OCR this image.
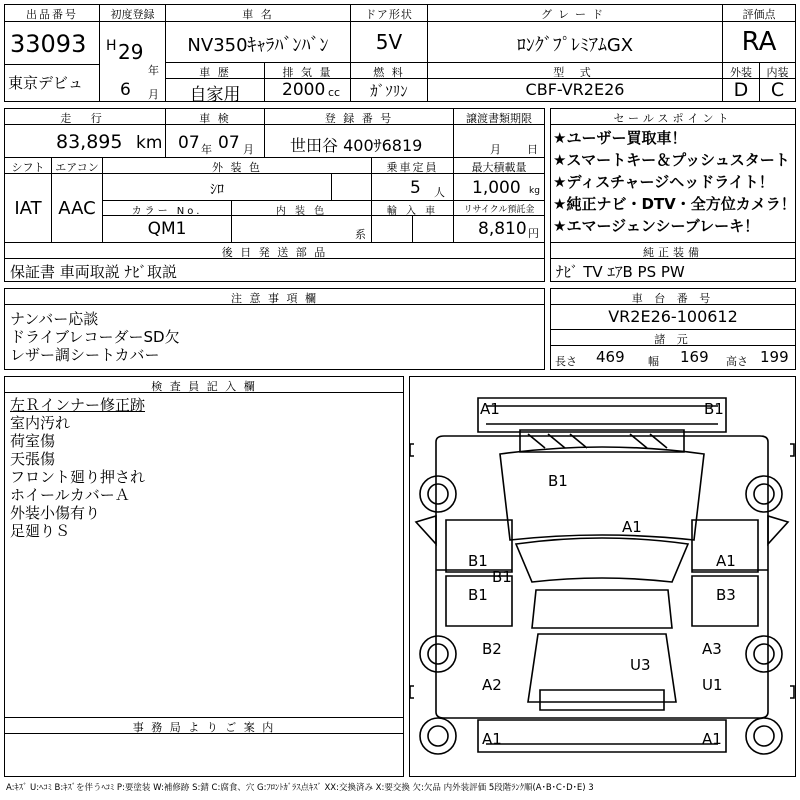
出品番号
33093
東京デビュ
初度登録
H 29
年
6 月
車 名
NV350ｷｬﾗﾊﾞﾝﾊﾞﾝ
ドア形状
5V
グレード
ﾛﾝｸﾞﾌﾟﾚﾐｱﾑGX
評価点
RA
車 歴
自家用
排 気 量
2000 cc
燃 料
ｶﾞｿﾘﾝ
型 式
CBF-VR2E26
外装
D
内装
C
走 行
83,895 km
車 検
07 年 07 月
登 録 番 号
世田谷 400ｻ6819
譲渡書類期限
月 日
シフト
IAT
エアコン
AAC
外 装 色
ｼﾛ
乗車定員
5 人
最大積載量
1,000 kg
カラー No.
QM1
内 装 色
系
輸 入 車	リサイクル預託金
8,810 円
後 日 発 送 部 品
保証書 車両取説 ﾅﾋﾞ取説
セールスポイント
★ユーザー買取車！
★スマートキー＆プッシュスタート
★ディスチャージヘッドライト！
★純正ナビ・DTV・全方位カメラ！
★エマージェンシーブレーキ！
純正装備
ﾅﾋﾞ TV ｴｱB PS PW
注 意 事 項 欄
ナンバー応談
ドライブレコーダーSD欠
レザー調シートカバー
車 台 番 号
VR2E26-100612
諸 元
長さ 469 幅 169 高さ 199
検 査 員 記 入 欄
左Ｒインナー修正跡
室内汚れ
荷室傷
天張傷
フロント廻り押され
ホイールカバーＡ
外装小傷有り
足廻りＳ
事 務 局 よ り ご 案 内
A1	B1
B1
A1
B1	A1
B1
B1	B3
B2	A3
U3
A2	U1
A1	A1
A:ｷｽﾞ U:ﾍｺﾐ B:ｷｽﾞを伴うﾍｺﾐ P:要塗装 W:補修跡 S:錆 C:腐食、穴 G:ﾌﾛﾝﾄｶﾞﾗｽ点ｷｽﾞ XX:交換済み X:要交換 欠:欠品 内外装評価 5段階ﾗﾝｸ順(A･B･C･D･E) 3
